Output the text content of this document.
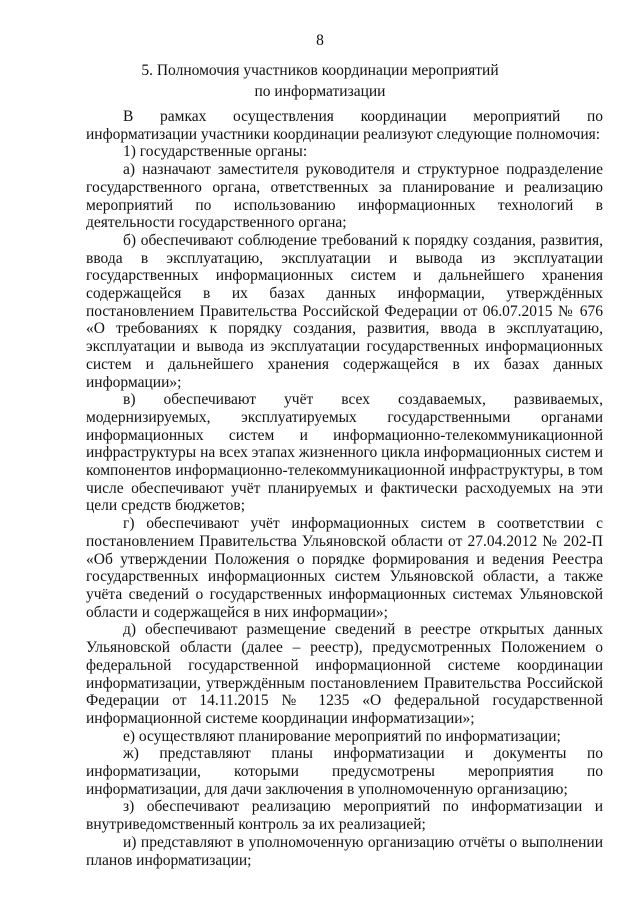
8
5. Полномочия участников координации мероприятий
по информатизации

В рамках осуществления координации мероприятий по информатизации участники координации реализуют следующие полномочия:

1) государственные органы:

а) назначают заместителя руководителя и структурное подразделение государственного органа, ответственных за планирование и реализацию мероприятий по использованию информационных технологий в деятельности государственного органа;

б) обеспечивают соблюдение требований к порядку создания, развития, ввода в эксплуатацию, эксплуатации и вывода из эксплуатации государственных информационных систем и дальнейшего хранения содержащейся в их базах данных информации, утверждённых постановлением Правительства Российской Федерации от 06.07.2015 № 676 «О требованиях к порядку создания, развития, ввода в эксплуатацию, эксплуатации и вывода из эксплуатации государственных информационных систем и дальнейшего хранения содержащейся в их базах данных информации»;

в) обеспечивают учёт всех создаваемых, развиваемых, модернизируемых, эксплуатируемых государственными органами информационных систем и информационно-телекоммуникационной инфраструктуры на всех этапах жизненного цикла информационных систем и компонентов информационно-телекоммуникационной инфраструктуры, в том числе обеспечивают учёт планируемых и фактически расходуемых на эти цели средств бюджетов;

г) обеспечивают учёт информационных систем в соответствии с постановлением Правительства Ульяновской области от 27.04.2012 № 202-П «Об утверждении Положения о порядке формирования и ведения Реестра государственных информационных систем Ульяновской области, а также учёта сведений о государственных информационных системах Ульяновской области и содержащейся в них информации»;

д) обеспечивают размещение сведений в реестре открытых данных Ульяновской области (далее – реестр), предусмотренных Положением о федеральной государственной информационной системе координации информатизации, утверждённым постановлением Правительства Российской Федерации от 14.11.2015 № 1235 «О федеральной государственной информационной системе координации информатизации»;

е) осуществляют планирование мероприятий по информатизации;

ж) представляют планы информатизации и документы по информатизации, которыми предусмотрены мероприятия по информатизации, для дачи заключения в уполномоченную организацию;

з) обеспечивают реализацию мероприятий по информатизации и внутриведомственный контроль за их реализацией;

и) представляют в уполномоченную организацию отчёты о выполнении планов информатизации;
